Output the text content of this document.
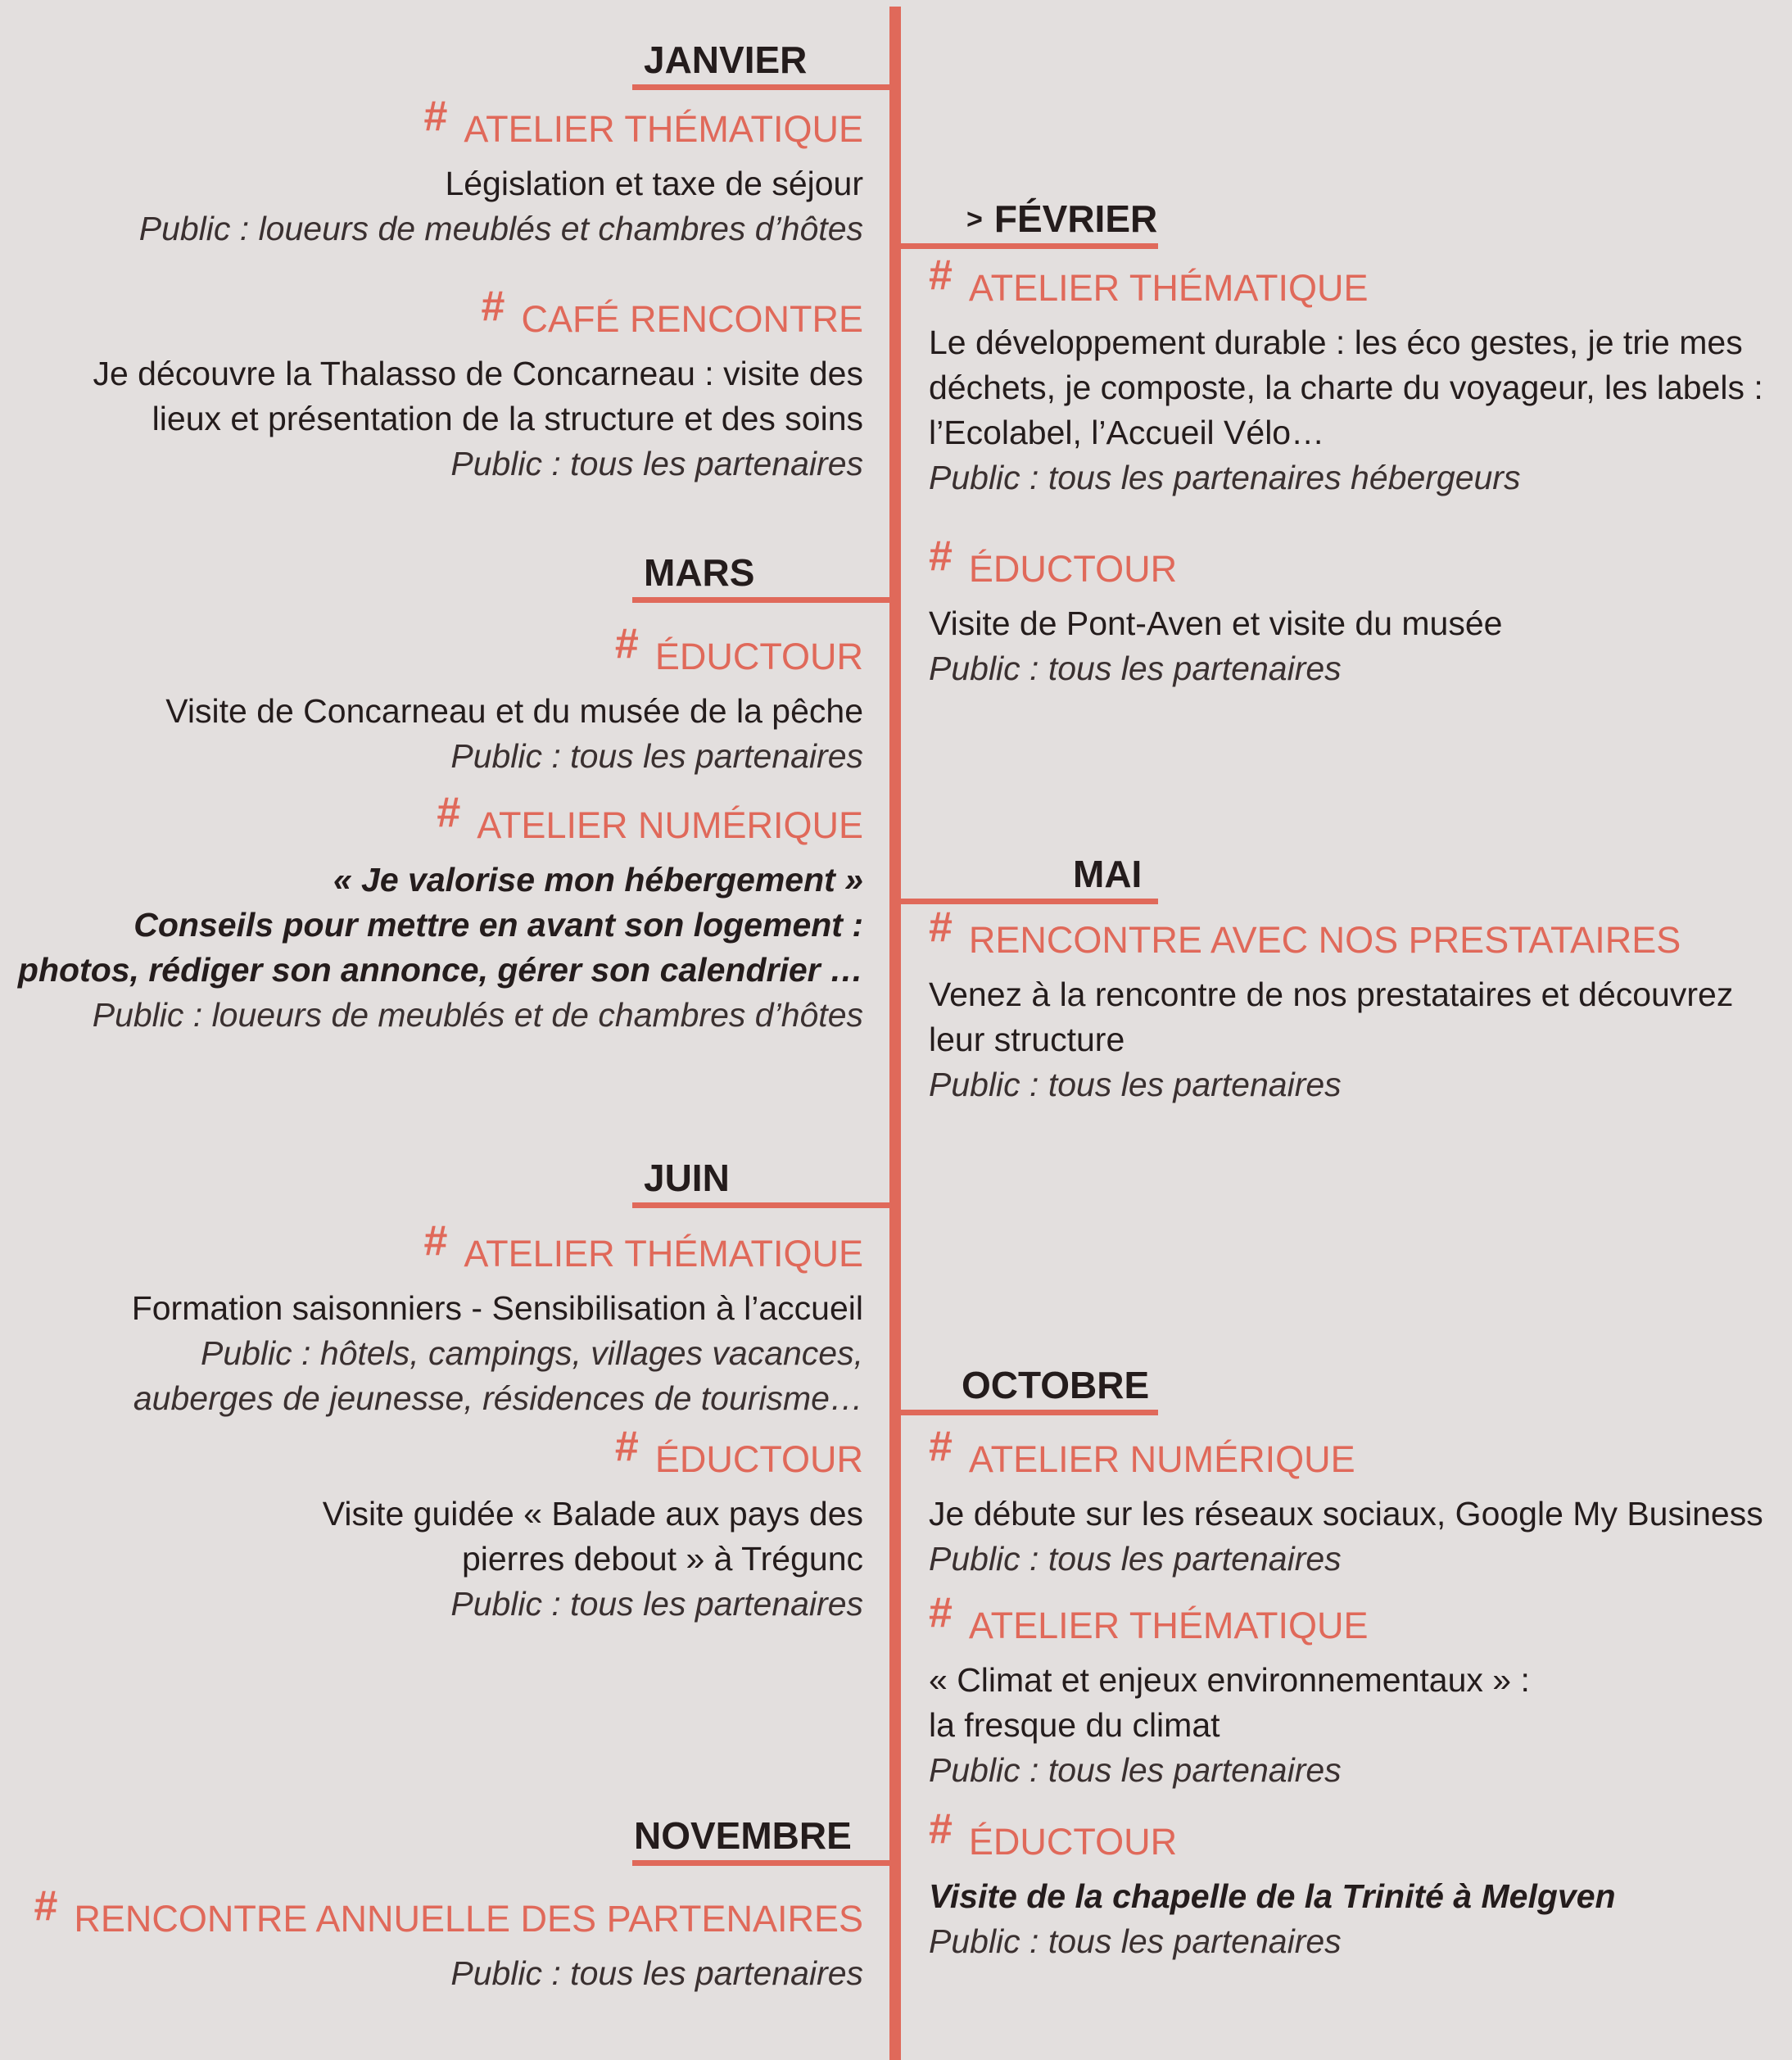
JANVIER
> FÉVRIER
MARS
MAI
JUIN
OCTOBRE
NOVEMBRE
# ATELIER THÉMATIQUE
Législation et taxe de séjour
Public : loueurs de meublés et chambres d’hôtes
# CAFÉ RENCONTRE
Je découvre la Thalasso de Concarneau : visite des
lieux et présentation de la structure et des soins
Public : tous les partenaires
# ATELIER THÉMATIQUE
Le développement durable : les éco gestes, je trie mes
déchets, je composte, la charte du voyageur, les labels :
l’Ecolabel, l’Accueil Vélo…
Public : tous les partenaires hébergeurs
# ÉDUCTOUR
Visite de Pont-Aven et visite du musée
Public : tous les partenaires
# ÉDUCTOUR
Visite de Concarneau et du musée de la pêche
Public : tous les partenaires
# ATELIER NUMÉRIQUE
« Je valorise mon hébergement »
Conseils pour mettre en avant son logement :
photos, rédiger son annonce, gérer son calendrier …
Public : loueurs de meublés et de chambres d’hôtes
# RENCONTRE AVEC NOS PRESTATAIRES
Venez à la rencontre de nos prestataires et découvrez
leur structure
Public : tous les partenaires
# ATELIER THÉMATIQUE
Formation saisonniers - Sensibilisation à l’accueil
Public : hôtels, campings, villages vacances,
auberges de jeunesse, résidences de tourisme…
# ÉDUCTOUR
Visite guidée « Balade aux pays des
pierres debout » à Trégunc
Public : tous les partenaires
# ATELIER NUMÉRIQUE
Je débute sur les réseaux sociaux, Google My Business
Public : tous les partenaires
# ATELIER THÉMATIQUE
« Climat et enjeux environnementaux » :
la fresque du climat
Public : tous les partenaires
# ÉDUCTOUR
Visite de la chapelle de la Trinité à Melgven
Public : tous les partenaires
# RENCONTRE ANNUELLE DES PARTENAIRES
Public : tous les partenaires
